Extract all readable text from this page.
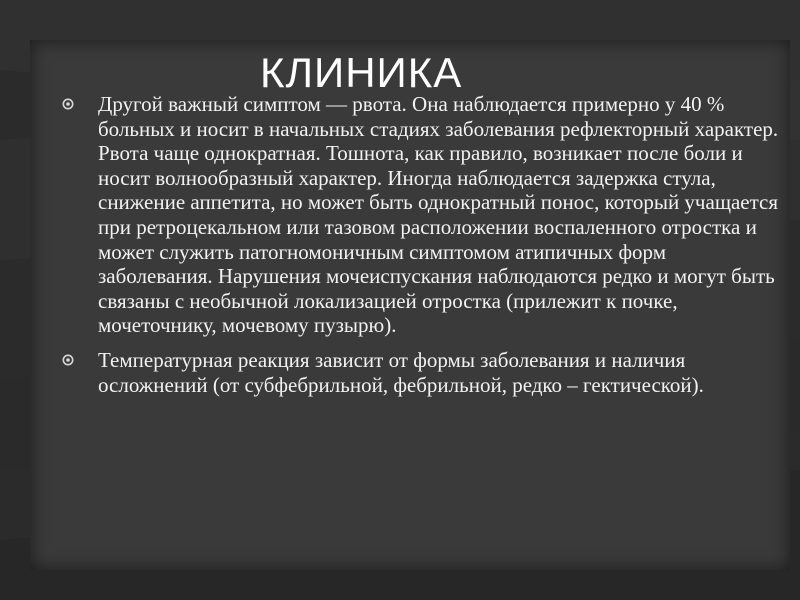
КЛИНИКА
Другой важный симптом — рвота. Она наблюдается примерно у 40 % больных и носит в начальных стадиях заболевания рефлекторный характер. Рвота чаще однократная. Тошнота, как правило, возникает после боли и носит волнообразный характер. Иногда наблюдается задержка стула, снижение аппетита, но может быть однократный понос, который учащается при ретроцекальном или тазовом расположении воспаленного отростка и может служить патогномоничным симптомом атипичных форм заболевания. Нарушения мочеиспускания наблюдаются редко и могут быть связаны с необычной локализацией отростка (прилежит к почке, мочеточнику, мочевому пузырю).
Температурная реакция зависит от формы заболевания и наличия осложнений (от субфебрильной, фебрильной, редко – гектической).
